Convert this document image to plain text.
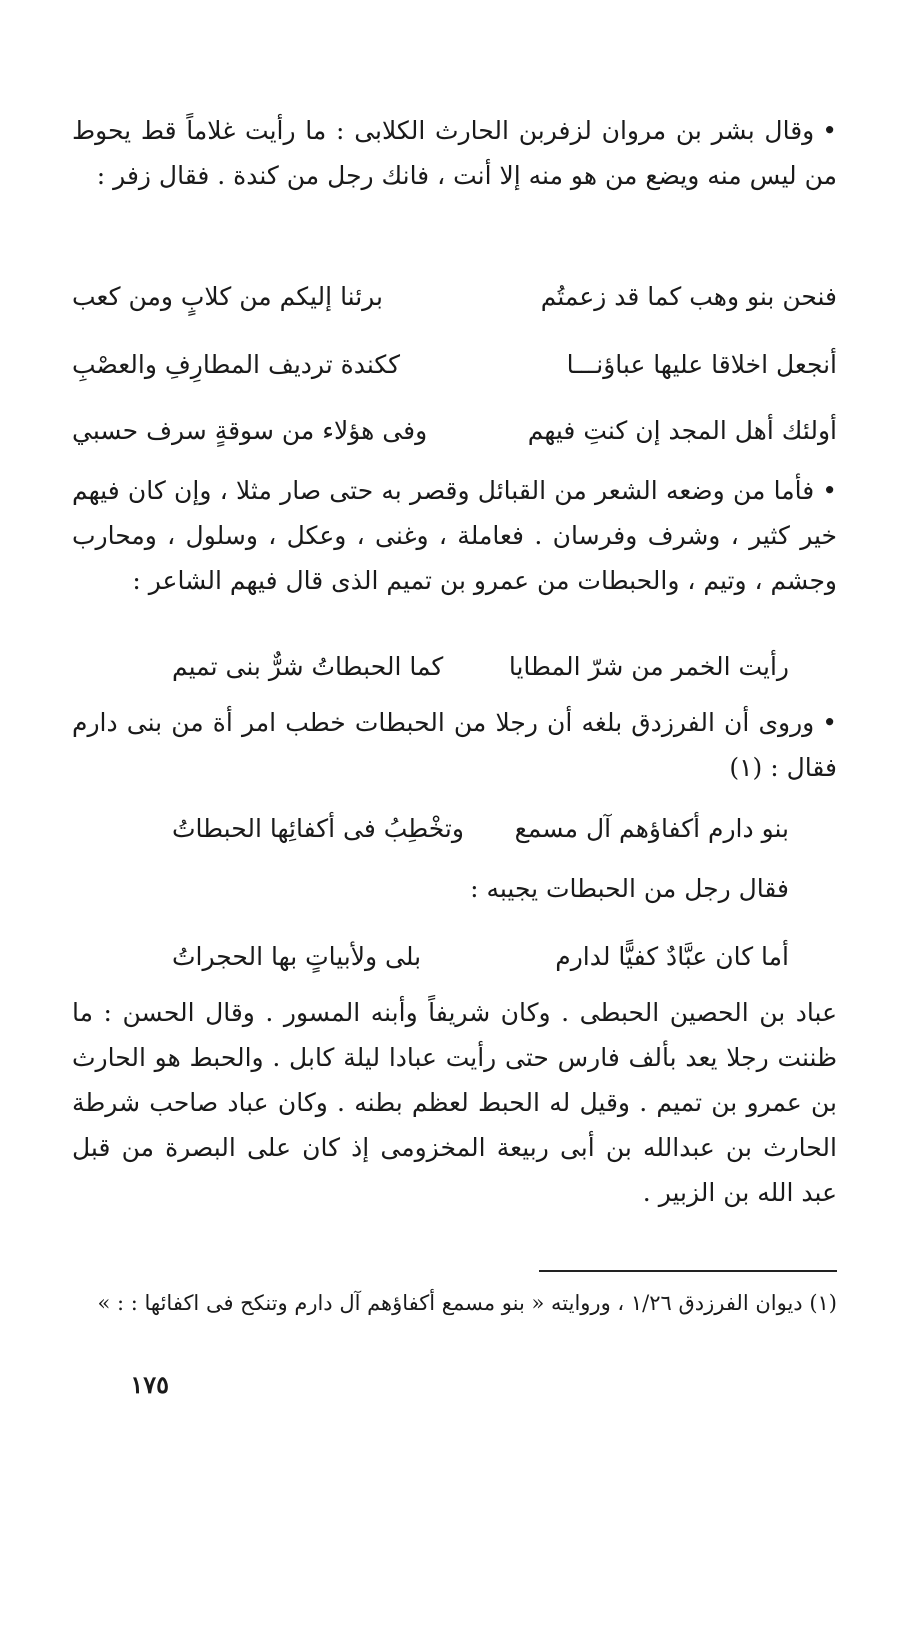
•وقال بشر بن مروان لزفربن الحارث الكلابى : ما رأيت غلاماً قط يحوط من ليس منه ويضع من هو منه إلا أنت ، فانك رجل من كندة . فقال زفر :

فنحن بنو وهب كما قد زعمتُم
برئنا إليكم من كلابٍ ومن كعب
أنجعل اخلاقا عليها عباؤنـــا
ككندة ترديف المطارِفِ والعصْبِ
أولئك أهل المجد إن كنتِ فيهم
وفى هؤلاء من سوقةٍ سرف حسبي

•فأما من وضعه الشعر من القبائل وقصر به حتى صار مثلا ، وإن كان فيهم خير كثير ، وشرف وفرسان . فعاملة ، وغنى ، وعكل ، وسلول ، ومحارب وجشم ، وتيم ، والحبطات من عمرو بن تميم الذى قال فيهم الشاعر :

رأيت الخمر من شرّ المطايا
كما الحبطاتُ شرٌّ بنى تميم

•وروى أن الفرزدق بلغه أن رجلا من الحبطات خطب امر أة من بنى دارم فقال : (١)

بنو دارم أكفاؤهم آل مسمع
وتخْطِبُ فى أكفائِها الحبطاتُ

فقال رجل من الحبطات يجيبه :

أما كان عبَّادٌ كفيًّا لدارم
بلى ولأبياتٍ بها الحجراتُ

عباد بن الحصين الحبطى . وكان شريفاً وأبنه المسور . وقال الحسن : ما ظننت رجلا يعد بألف فارس حتى رأيت عبادا ليلة كابل . والحبط هو الحارث بن عمرو بن تميم . وقيل له الحبط لعظم بطنه . وكان عباد صاحب شرطة الحارث بن عبدالله بن أبى ربيعة المخزومى إذ كان على البصرة من قبل عبد الله بن الزبير .

(١) ديوان الفرزدق ١/٢٦ ، وروايته « بنو مسمع أكفاؤهم آل دارم وتنكح فى اكفائها : : »

١٧٥
